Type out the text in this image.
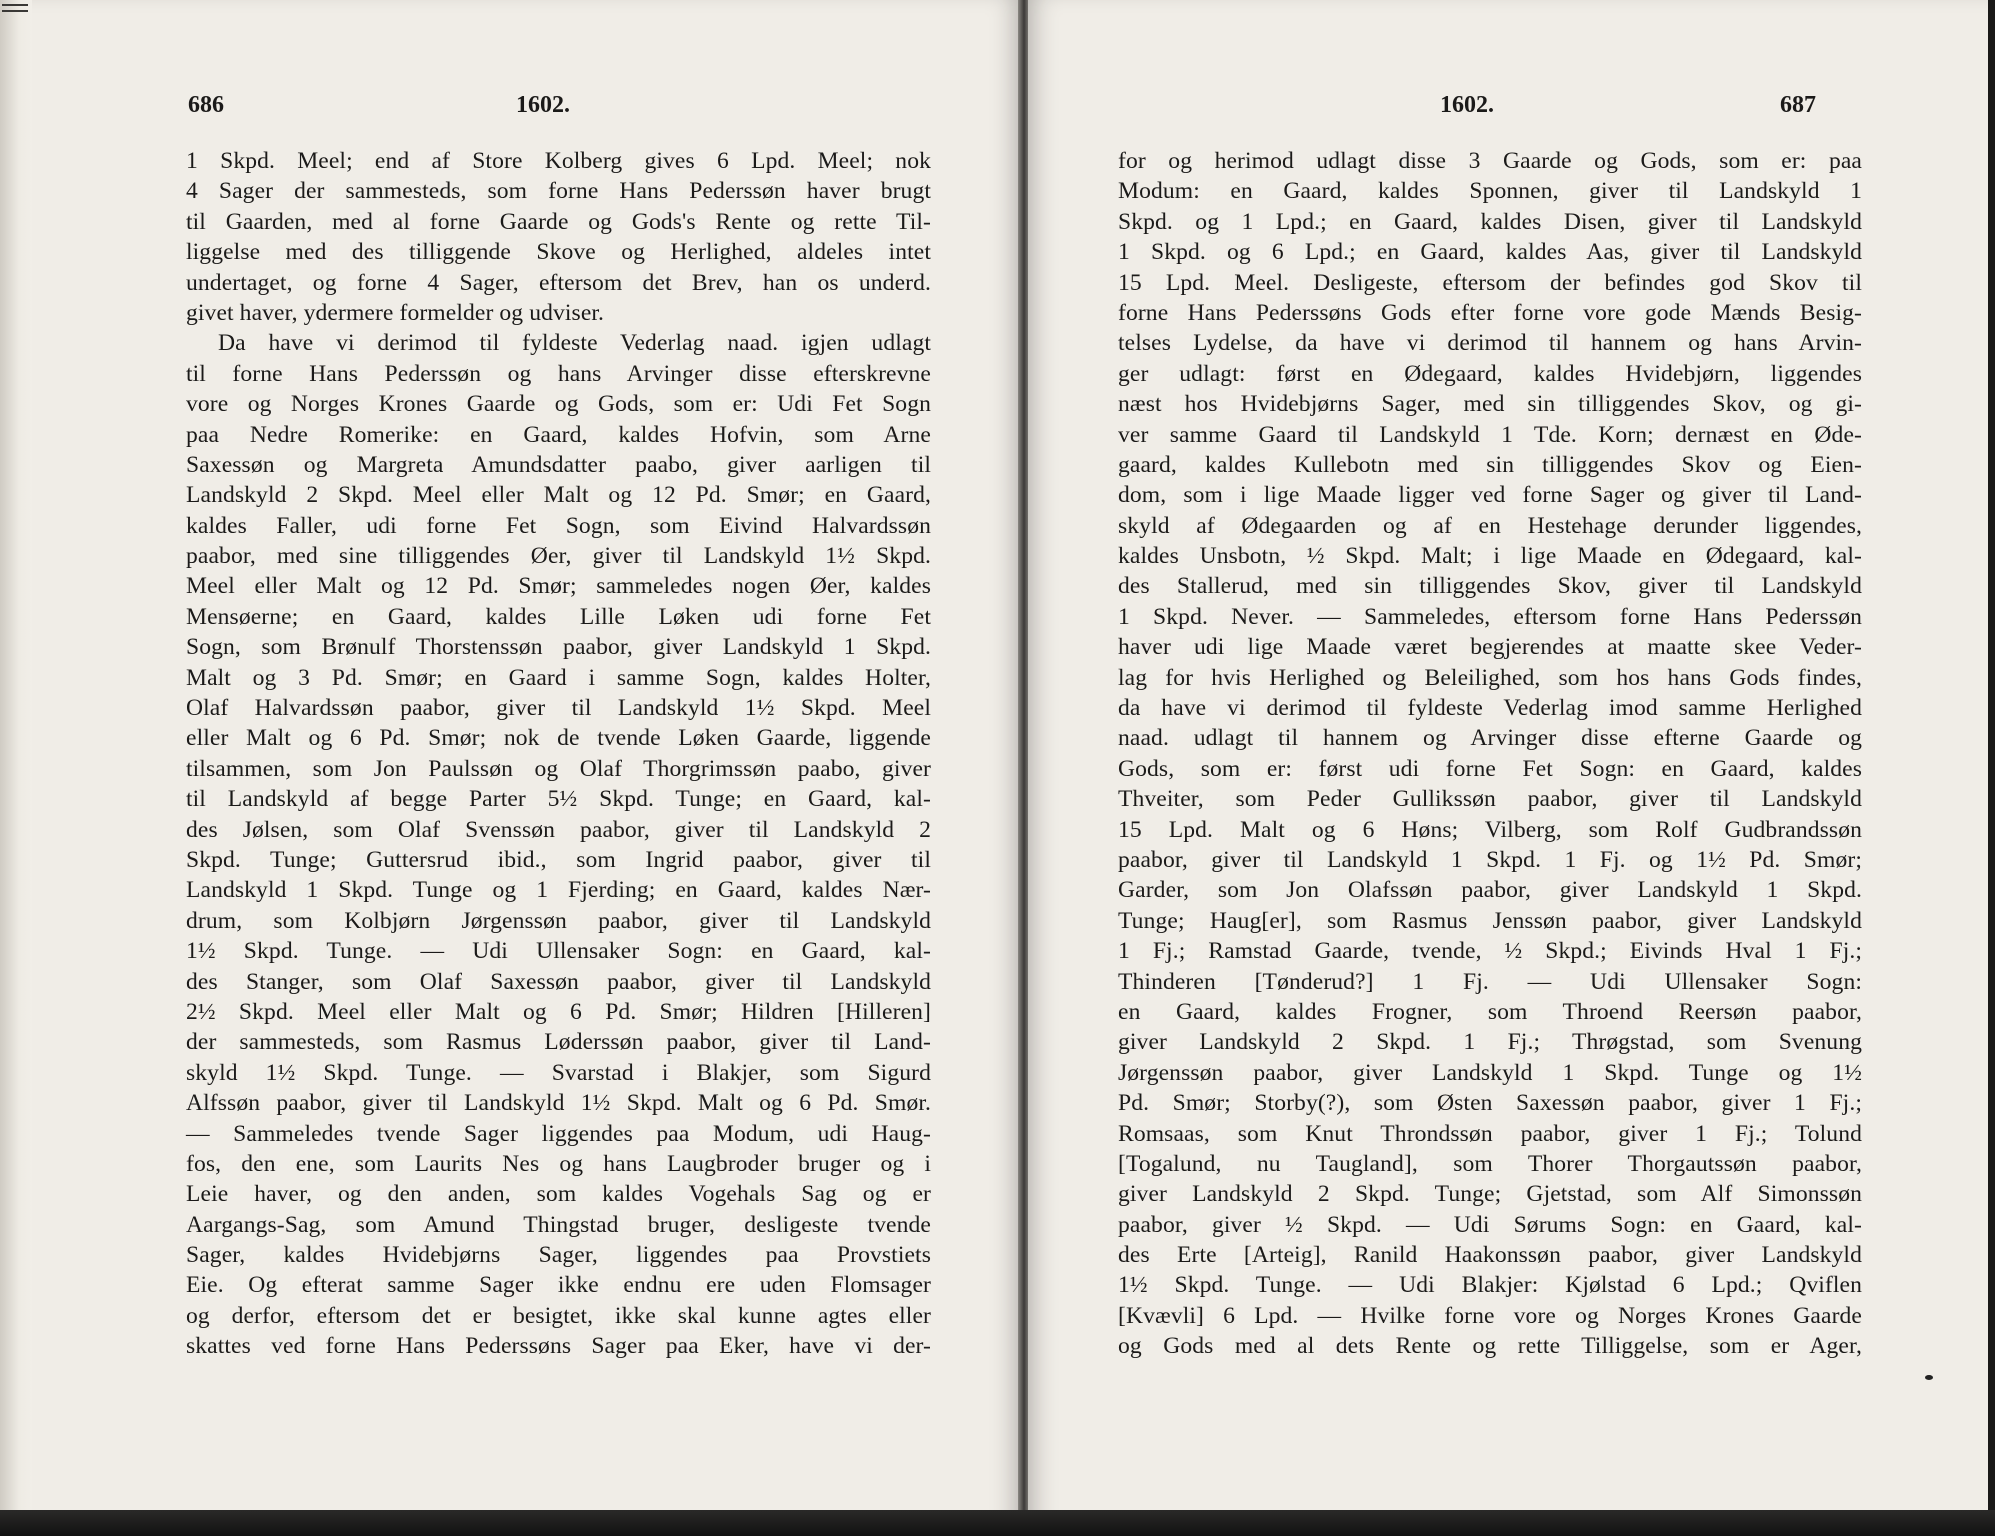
686	1602.
1 Skpd. Meel; end af Store Kolberg gives 6 Lpd. Meel; nok
4 Sager der sammesteds, som forne Hans Pederssøn haver brugt
til Gaarden, med al forne Gaarde og Gods's Rente og rette Til-
liggelse med des tilliggende Skove og Herlighed, aldeles intet
undertaget, og forne 4 Sager, eftersom det Brev, han os underd.
givet haver, ydermere formelder og udviser.
Da have vi derimod til fyldeste Vederlag naad. igjen udlagt
til forne Hans Pederssøn og hans Arvinger disse efterskrevne
vore og Norges Krones Gaarde og Gods, som er: Udi Fet Sogn
paa Nedre Romerike: en Gaard, kaldes Hofvin, som Arne
Saxessøn og Margreta Amundsdatter paabo, giver aarligen til
Landskyld 2 Skpd. Meel eller Malt og 12 Pd. Smør; en Gaard,
kaldes Faller, udi forne Fet Sogn, som Eivind Halvardssøn
paabor, med sine tilliggendes Øer, giver til Landskyld 1½ Skpd.
Meel eller Malt og 12 Pd. Smør; sammeledes nogen Øer, kaldes
Mensøerne; en Gaard, kaldes Lille Løken udi forne Fet
Sogn, som Brønulf Thorstenssøn paabor, giver Landskyld 1 Skpd.
Malt og 3 Pd. Smør; en Gaard i samme Sogn, kaldes Holter,
Olaf Halvardssøn paabor, giver til Landskyld 1½ Skpd. Meel
eller Malt og 6 Pd. Smør; nok de tvende Løken Gaarde, liggende
tilsammen, som Jon Paulssøn og Olaf Thorgrimssøn paabo, giver
til Landskyld af begge Parter 5½ Skpd. Tunge; en Gaard, kal-
des Jølsen, som Olaf Svenssøn paabor, giver til Landskyld 2
Skpd. Tunge; Guttersrud ibid., som Ingrid paabor, giver til
Landskyld 1 Skpd. Tunge og 1 Fjerding; en Gaard, kaldes Nær-
drum, som Kolbjørn Jørgenssøn paabor, giver til Landskyld
1½ Skpd. Tunge. — Udi Ullensaker Sogn: en Gaard, kal-
des Stanger, som Olaf Saxessøn paabor, giver til Landskyld
2½ Skpd. Meel eller Malt og 6 Pd. Smør; Hildren [Hilleren]
der sammesteds, som Rasmus Løderssøn paabor, giver til Land-
skyld 1½ Skpd. Tunge. — Svarstad i Blakjer, som Sigurd
Alfssøn paabor, giver til Landskyld 1½ Skpd. Malt og 6 Pd. Smør.
— Sammeledes tvende Sager liggendes paa Modum, udi Haug-
fos, den ene, som Laurits Nes og hans Laugbroder bruger og i
Leie haver, og den anden, som kaldes Vogehals Sag og er
Aargangs-Sag, som Amund Thingstad bruger, desligeste tvende
Sager, kaldes Hvidebjørns Sager, liggendes paa Provstiets
Eie. Og efterat samme Sager ikke endnu ere uden Flomsager
og derfor, eftersom det er besigtet, ikke skal kunne agtes eller
skattes ved forne Hans Pederssøns Sager paa Eker, have vi der-
1602.	687
for og herimod udlagt disse 3 Gaarde og Gods, som er: paa
Modum: en Gaard, kaldes Sponnen, giver til Landskyld 1
Skpd. og 1 Lpd.; en Gaard, kaldes Disen, giver til Landskyld
1 Skpd. og 6 Lpd.; en Gaard, kaldes Aas, giver til Landskyld
15 Lpd. Meel. Desligeste, eftersom der befindes god Skov til
forne Hans Pederssøns Gods efter forne vore gode Mænds Besig-
telses Lydelse, da have vi derimod til hannem og hans Arvin-
ger udlagt: først en Ødegaard, kaldes Hvidebjørn, liggendes
næst hos Hvidebjørns Sager, med sin tilliggendes Skov, og gi-
ver samme Gaard til Landskyld 1 Tde. Korn; dernæst en Øde-
gaard, kaldes Kullebotn med sin tilliggendes Skov og Eien-
dom, som i lige Maade ligger ved forne Sager og giver til Land-
skyld af Ødegaarden og af en Hestehage derunder liggendes,
kaldes Unsbotn, ½ Skpd. Malt; i lige Maade en Ødegaard, kal-
des Stallerud, med sin tilliggendes Skov, giver til Landskyld
1 Skpd. Never. — Sammeledes, eftersom forne Hans Pederssøn
haver udi lige Maade været begjerendes at maatte skee Veder-
lag for hvis Herlighed og Beleilighed, som hos hans Gods findes,
da have vi derimod til fyldeste Vederlag imod samme Herlighed
naad. udlagt til hannem og Arvinger disse efterne Gaarde og
Gods, som er: først udi forne Fet Sogn: en Gaard, kaldes
Thveiter, som Peder Gullikssøn paabor, giver til Landskyld
15 Lpd. Malt og 6 Høns; Vilberg, som Rolf Gudbrandssøn
paabor, giver til Landskyld 1 Skpd. 1 Fj. og 1½ Pd. Smør;
Garder, som Jon Olafssøn paabor, giver Landskyld 1 Skpd.
Tunge; Haug[er], som Rasmus Jenssøn paabor, giver Landskyld
1 Fj.; Ramstad Gaarde, tvende, ½ Skpd.; Eivinds Hval 1 Fj.;
Thinderen [Tønderud?] 1 Fj. — Udi Ullensaker Sogn:
en Gaard, kaldes Frogner, som Throend Reersøn paabor,
giver Landskyld 2 Skpd. 1 Fj.; Thrøgstad, som Svenung
Jørgenssøn paabor, giver Landskyld 1 Skpd. Tunge og 1½
Pd. Smør; Storby(?), som Østen Saxessøn paabor, giver 1 Fj.;
Romsaas, som Knut Throndssøn paabor, giver 1 Fj.; Tolund
[Togalund, nu Taugland], som Thorer Thorgautssøn paabor,
giver Landskyld 2 Skpd. Tunge; Gjetstad, som Alf Simonssøn
paabor, giver ½ Skpd. — Udi Sørums Sogn: en Gaard, kal-
des Erte [Arteig], Ranild Haakonssøn paabor, giver Landskyld
1½ Skpd. Tunge. — Udi Blakjer: Kjølstad 6 Lpd.; Qviflen
[Kvævli] 6 Lpd. — Hvilke forne vore og Norges Krones Gaarde
og Gods med al dets Rente og rette Tilliggelse, som er Ager,
